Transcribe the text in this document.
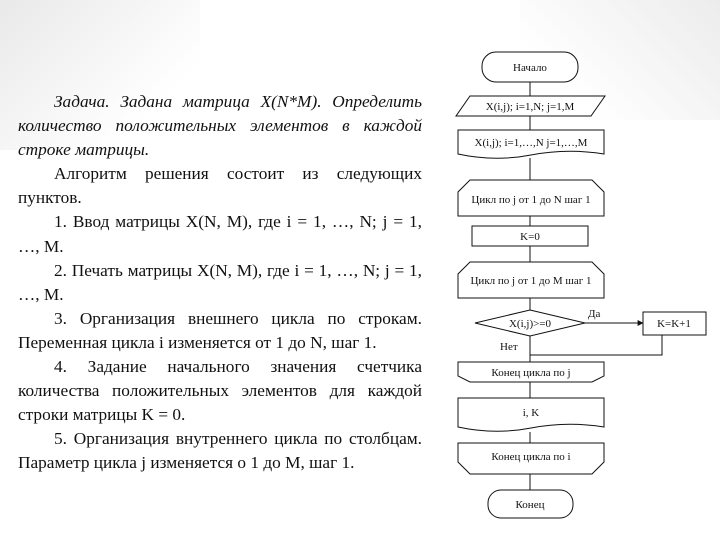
Задача. Задана матрица X(N*M). Определить количество положительных элементов в каждой строке матрицы.

Алгоритм решения состоит из следующих пунктов.

1. Ввод матрицы X(N, M), где i = 1, …, N; j = 1, …, M.

2. Печать матрицы X(N, M), где i = 1, …, N; j = 1, …, M.

3. Организация внешнего цикла по строкам. Переменная цикла i изменяется от 1 до N, шаг 1.

4. Задание начального значения счетчика количества положительных элементов для каждой строки матрицы K = 0.

5. Организация внутреннего цикла по столбцам. Параметр цикла j изменяется о 1 до M, шаг 1.

Начало
X(i,j); i=1,N; j=1,M
X(i,j); i=1,…,N j=1,…,M
Цикл по j от 1 до N шаг 1
K=0
Цикл по j от 1 до M шаг 1
X(i,j)>=0
Да
Нет
K=K+1
Конец цикла по j
i, K
Конец цикла по i
Конец
